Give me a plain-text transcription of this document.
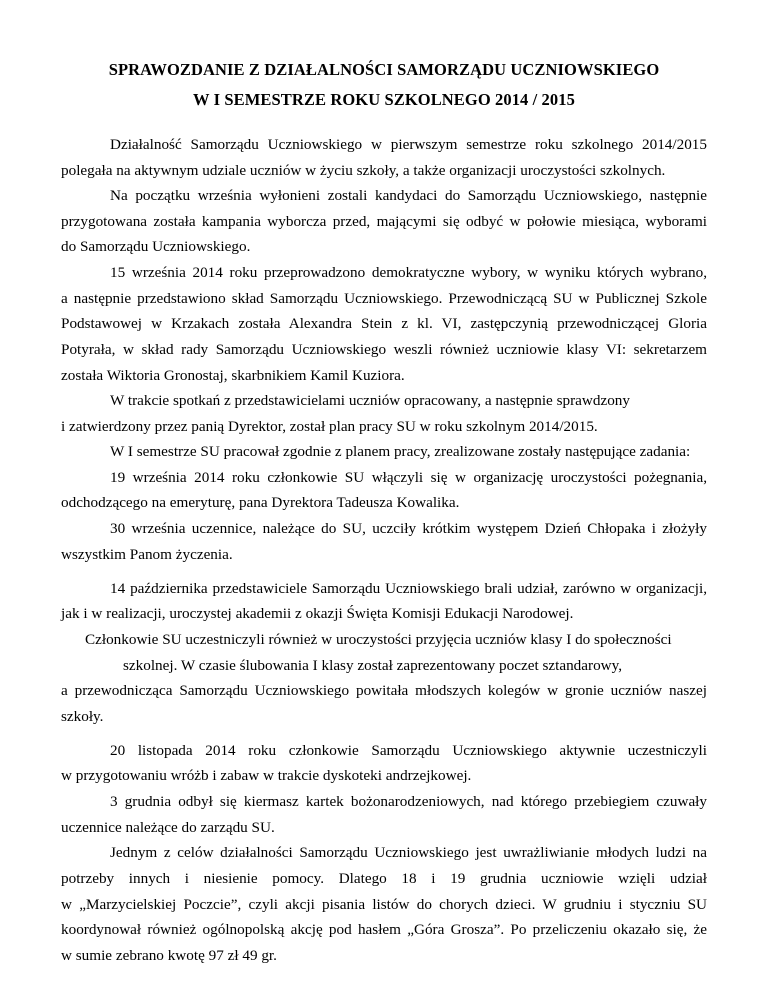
SPRAWOZDANIE Z DZIAŁALNOŚCI SAMORZĄDU UCZNIOWSKIEGO
W I SEMESTRZE ROKU SZKOLNEGO 2014 / 2015

Działalność Samorządu Uczniowskiego w pierwszym semestrze roku szkolnego 2014/2015

polegała na aktywnym udziale uczniów w życiu szkoły, a także organizacji uroczystości szkolnych.

Na początku września wyłonieni zostali kandydaci do Samorządu Uczniowskiego, następnie

przygotowana została kampania wyborcza przed, mającymi się odbyć w połowie miesiąca, wyborami

do Samorządu Uczniowskiego.

15 września 2014 roku przeprowadzono demokratyczne wybory, w wyniku których wybrano,

a następnie przedstawiono skład Samorządu Uczniowskiego. Przewodniczącą SU w Publicznej Szkole

Podstawowej w Krzakach została Alexandra Stein z kl. VI, zastępczynią przewodniczącej Gloria

Potyrała, w skład rady Samorządu Uczniowskiego weszli również uczniowie klasy VI: sekretarzem

została Wiktoria Gronostaj, skarbnikiem Kamil Kuziora.

W trakcie spotkań z przedstawicielami uczniów opracowany, a następnie sprawdzony

i zatwierdzony przez panią Dyrektor, został plan pracy SU w roku szkolnym 2014/2015.

W I semestrze SU pracował zgodnie z planem pracy, zrealizowane zostały następujące zadania:

19 września 2014 roku członkowie SU włączyli się w organizację uroczystości pożegnania,

odchodzącego na emeryturę, pana Dyrektora Tadeusza Kowalika.

30 września uczennice, należące do SU, uczciły krótkim występem Dzień Chłopaka i złożyły

wszystkim Panom życzenia.

14 października przedstawiciele Samorządu Uczniowskiego brali udział, zarówno w organizacji,

jak i w realizacji, uroczystej akademii z okazji Święta Komisji Edukacji Narodowej.

Członkowie SU uczestniczyli również w uroczystości przyjęcia uczniów klasy I do społeczności

szkolnej. W czasie ślubowania I klasy został zaprezentowany poczet sztandarowy,

a przewodnicząca Samorządu Uczniowskiego powitała młodszych kolegów w gronie uczniów naszej

szkoły.

20 listopada 2014 roku członkowie Samorządu Uczniowskiego aktywnie uczestniczyli

w przygotowaniu wróżb i zabaw w trakcie dyskoteki andrzejkowej.

3 grudnia odbył się kiermasz kartek bożonarodzeniowych, nad którego przebiegiem czuwały

uczennice należące do zarządu SU.

Jednym z celów działalności Samorządu Uczniowskiego jest uwrażliwianie młodych ludzi na

potrzeby innych i niesienie pomocy. Dlatego 18 i 19 grudnia uczniowie wzięli udział

w „Marzycielskiej Poczcie”, czyli akcji pisania listów do chorych dzieci. W grudniu i styczniu SU

koordynował również ogólnopolską akcję pod hasłem „Góra Grosza”. Po przeliczeniu okazało się, że

w sumie zebrano kwotę 97 zł 49 gr.
